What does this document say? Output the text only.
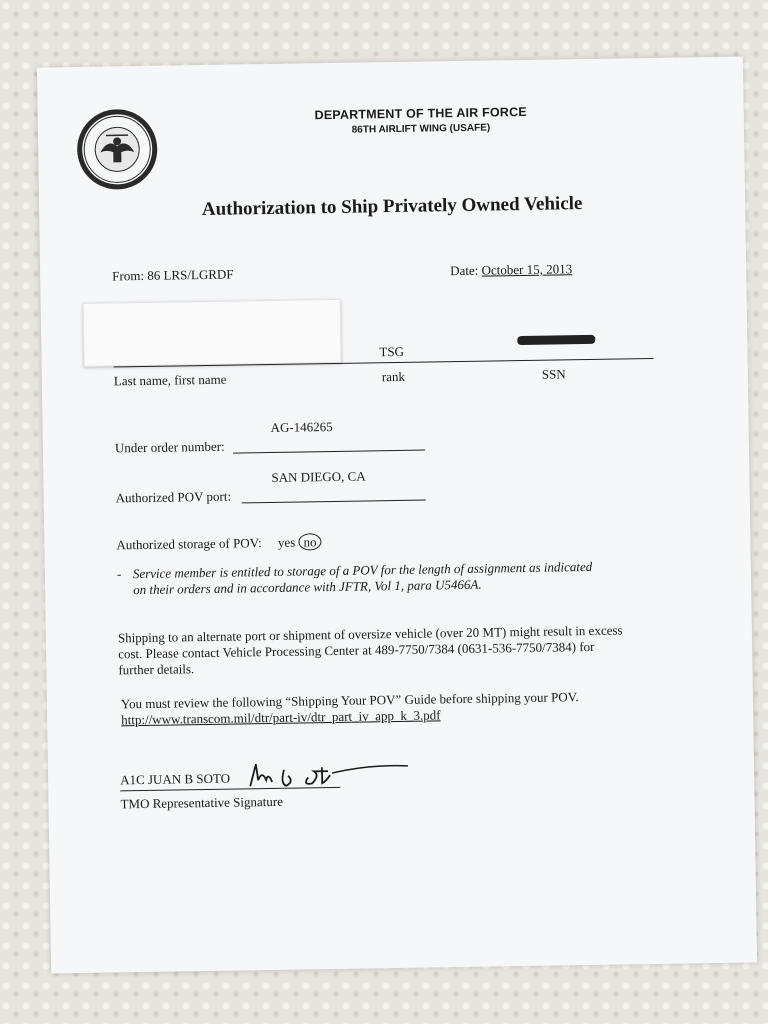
DEPARTMENT OF THE AIR FORCE
86TH AIRLIFT WING (USAFE)
Authorization to Ship Privately Owned Vehicle
From: 86 LRS/LGRDF	Date: October 15, 2013
TSG
Last name, first name	rank	SSN
AG-146265
Under order number:
SAN DIEGO, CA
Authorized POV port:
Authorized storage of POV: yes no
- Service member is entitled to storage of a POV for the length of assignment as indicated
on their orders and in accordance with JFTR, Vol 1, para U5466A.
Shipping to an alternate port or shipment of oversize vehicle (over 20 MT) might result in excess
cost. Please contact Vehicle Processing Center at 489-7750/7384 (0631-536-7750/7384) for
further details.
You must review the following “Shipping Your POV” Guide before shipping your POV.
http://www.transcom.mil/dtr/part-iv/dtr_part_iv_app_k_3.pdf
A1C JUAN B SOTO
TMO Representative Signature
